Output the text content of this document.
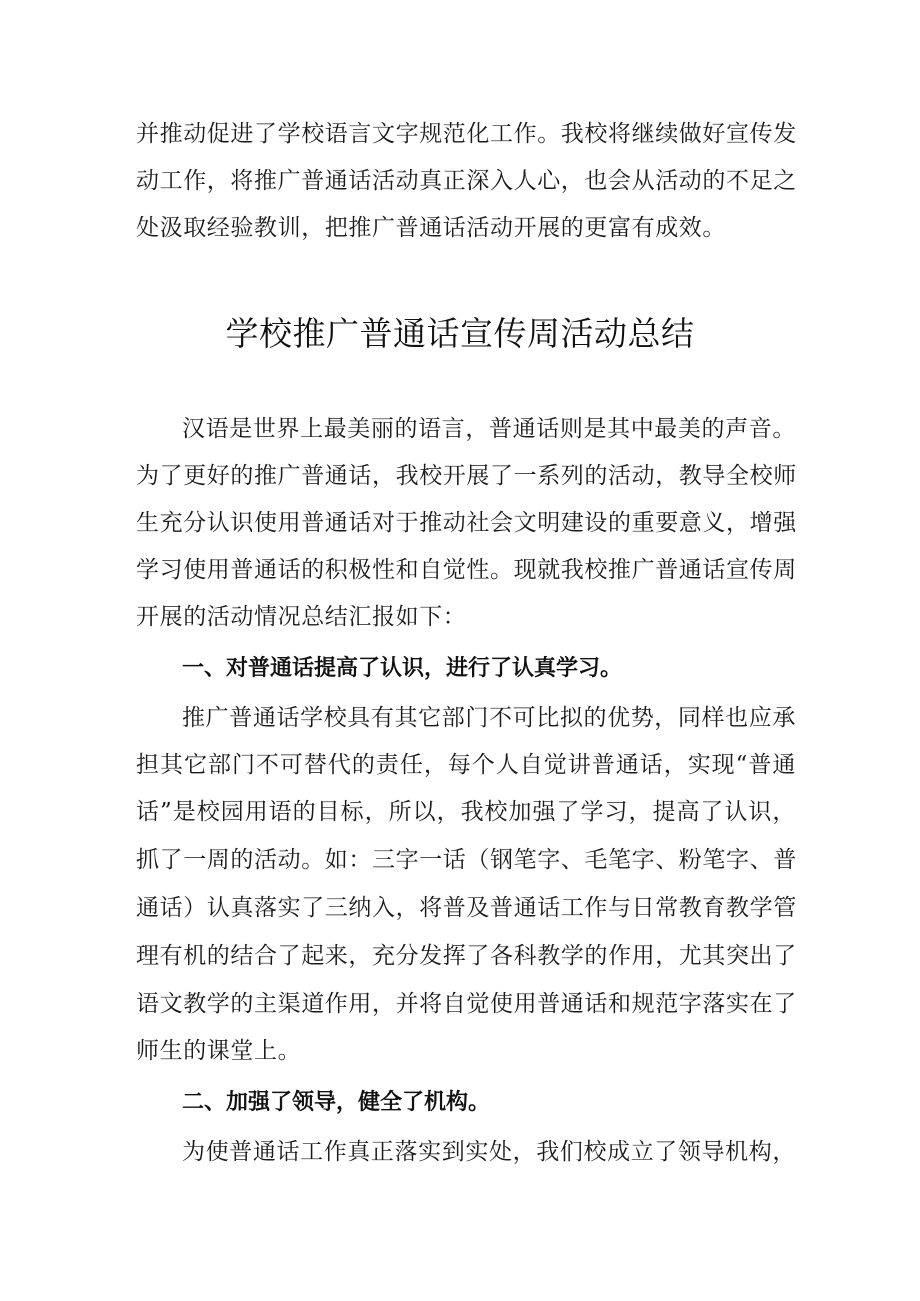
并推动促进了学校语言文字规范化工作。我校将继续做好宣传发
动工作，将推广普通话活动真正深入人心，也会从活动的不足之
处汲取经验教训，把推广普通话活动开展的更富有成效。
学校推广普通话宣传周活动总结
汉语是世界上最美丽的语言，普通话则是其中最美的声音。
为了更好的推广普通话，我校开展了一系列的活动，教导全校师
生充分认识使用普通话对于推动社会文明建设的重要意义，增强
学习使用普通话的积极性和自觉性。现就我校推广普通话宣传周
开展的活动情况总结汇报如下：
一、对普通话提高了认识，进行了认真学习。
推广普通话学校具有其它部门不可比拟的优势，同样也应承
担其它部门不可替代的责任，每个人自觉讲普通话，实现“普通
话”是校园用语的目标，所以，我校加强了学习，提高了认识，
抓了一周的活动。如：三字一话（钢笔字、毛笔字、粉笔字、普
通话）认真落实了三纳入，将普及普通话工作与日常教育教学管
理有机的结合了起来，充分发挥了各科教学的作用，尤其突出了
语文教学的主渠道作用，并将自觉使用普通话和规范字落实在了
师生的课堂上。
二、加强了领导，健全了机构。
为使普通话工作真正落实到实处，我们校成立了领导机构，
